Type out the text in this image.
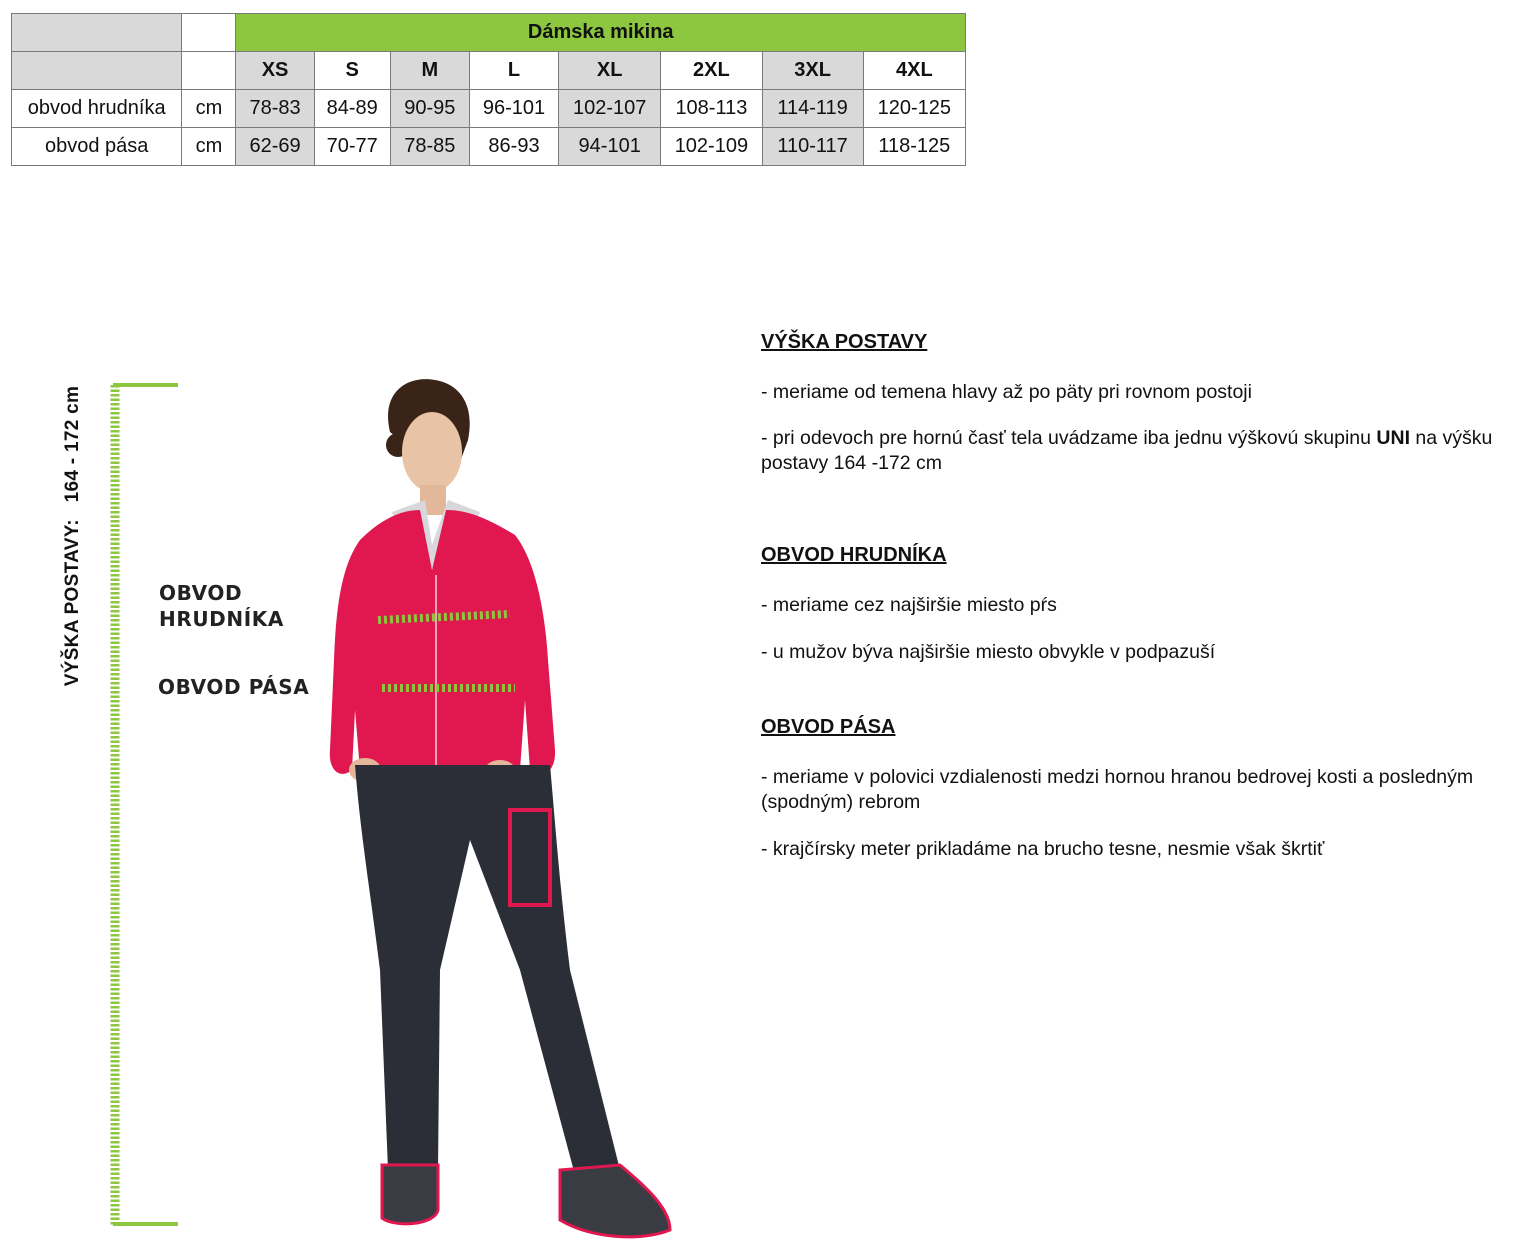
		Dámska mikina							
		XS	S	M	L	XL	2XL	3XL	4XL
obvod hrudníka	cm	78-83	84-89	90-95	96-101	102-107	108-113	114-119	120-125
obvod pása	cm	62-69	70-77	78-85	86-93	94-101	102-109	110-117	118-125
VÝŠKA POSTAVY:   164 - 172 cm	OBVOD
HRUDNÍKA
OBVOD PÁSA
VÝŠKA POSTAVY

- meriame od temena hlavy až po päty pri rovnom postoji

- pri odevoch pre hornú časť tela uvádzame iba jednu výškovú skupinu UNI na výšku postavy 164 -172 cm

OBVOD HRUDNÍKA

- meriame cez najširšie miesto pŕs

- u mužov býva najširšie miesto obvykle v podpazuší

OBVOD PÁSA

- meriame v polovici vzdialenosti medzi hornou hranou bedrovej kosti a posledným (spodným) rebrom

- krajčírsky meter prikladáme na brucho tesne, nesmie však škrtiť
